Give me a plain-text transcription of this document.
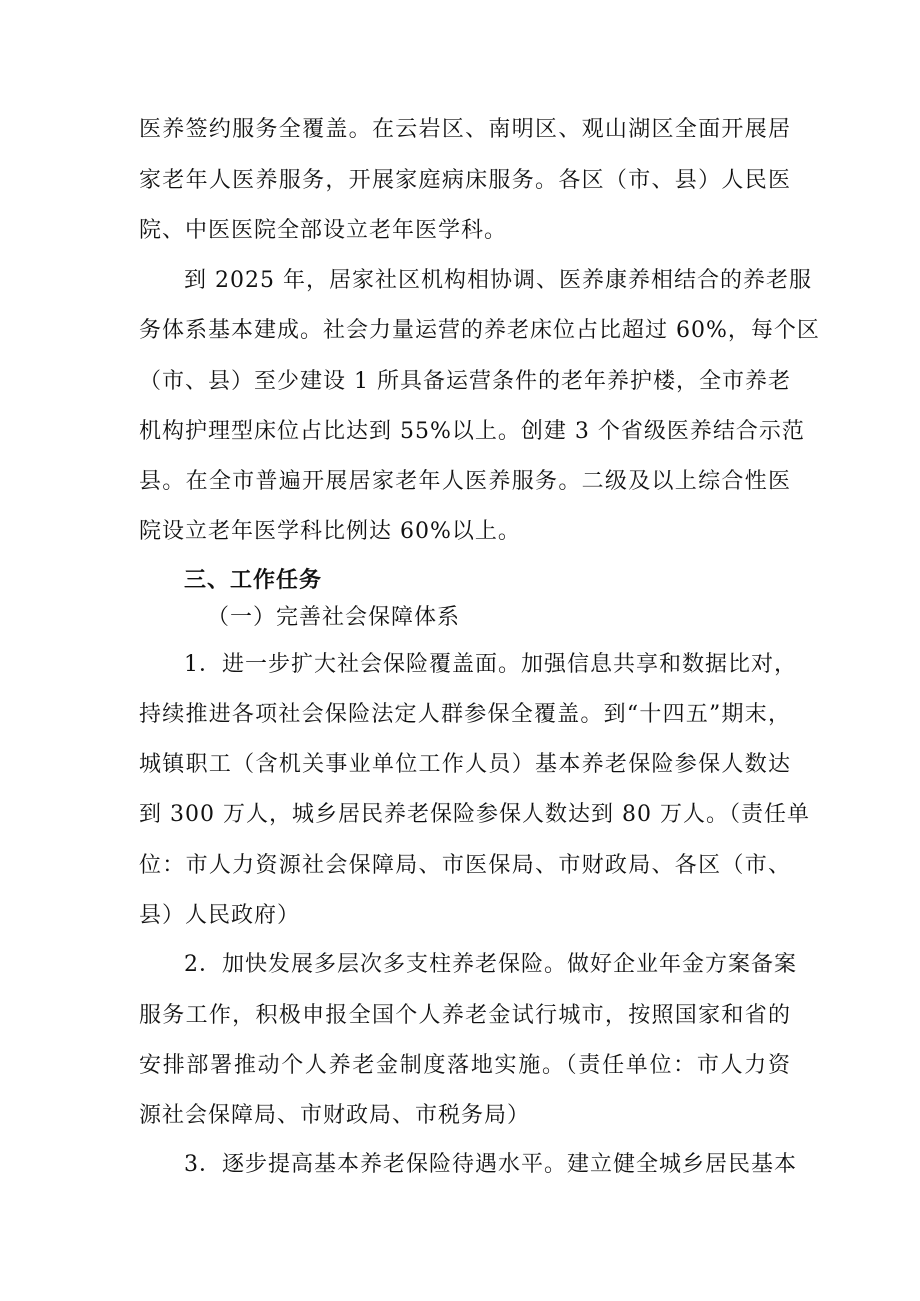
医养签约服务全覆盖。在云岩区、南明区、观山湖区全面开展居
家老年人医养服务，开展家庭病床服务。各区（市、县）人民医
院、中医医院全部设立老年医学科。
到 2025 年，居家社区机构相协调、医养康养相结合的养老服
务体系基本建成。社会力量运营的养老床位占比超过 60%，每个区
（市、县）至少建设 1 所具备运营条件的老年养护楼，全市养老
机构护理型床位占比达到 55%以上。创建 3 个省级医养结合示范
县。在全市普遍开展居家老年人医养服务。二级及以上综合性医
院设立老年医学科比例达 60%以上。
三、工作任务
（一）完善社会保障体系
1．进一步扩大社会保险覆盖面。加强信息共享和数据比对，
持续推进各项社会保险法定人群参保全覆盖。到“十四五”期末，
城镇职工（含机关事业单位工作人员）基本养老保险参保人数达
到 300 万人，城乡居民养老保险参保人数达到 80 万人。（责任单
位：市人力资源社会保障局、市医保局、市财政局、各区（市、
县）人民政府）
2．加快发展多层次多支柱养老保险。做好企业年金方案备案
服务工作，积极申报全国个人养老金试行城市，按照国家和省的
安排部署推动个人养老金制度落地实施。（责任单位：市人力资
源社会保障局、市财政局、市税务局）
3．逐步提高基本养老保险待遇水平。建立健全城乡居民基本
